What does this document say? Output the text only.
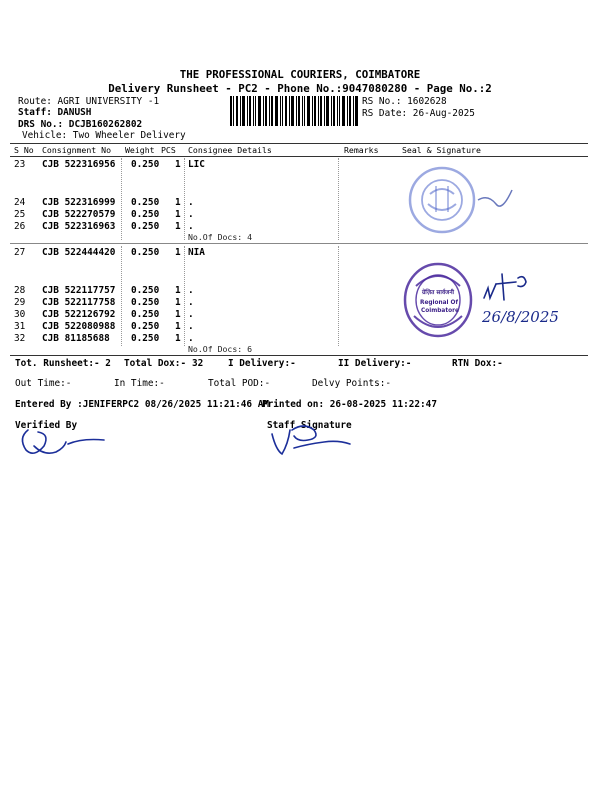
THE PROFESSIONAL COURIERS, COIMBATORE
Delivery Runsheet - PC2 - Phone No.:9047080280 - Page No.:2
Route: AGRI UNIVERSITY -1
Staff: DANUSH
DRS No.: DCJB160262802
Vehicle: Two Wheeler Delivery
RS No.: 1602628
RS Date: 26-Aug-2025
S No Consignment No Weight PCS Consignee Details	Remarks	Seal & Signature
23 CJB 522316956 0.250 1 LIC
24 CJB 522316999 0.250 1 .
25 CJB 522270579 0.250 1 .
26 CJB 522316963 0.250 1 .
No.Of Docs: 4
27 CJB 522444420 0.250 1 NIA
28 CJB 522117757 0.250 1 .
29 CJB 522117758 0.250 1 .
30 CJB 522126792 0.250 1 .
31 CJB 522080988 0.250 1 .
32 CJB 81185688 0.250 1 .
No.Of Docs: 6
Tot. Runsheet:- 2 Total Dox:- 32	I Delivery:-	II Delivery:-	RTN Dox:-
Out Time:-	In Time:-	Total POD:-	Delvy Points:-
Entered By :JENIFERPC2 08/26/2025 11:21:46 AM
Printed on: 26-08-2025 11:22:47
Verified By	Staff Signature
ग्रेज़ित सार्वजनी
Regional Of
Coimbatore 26/8/2025
